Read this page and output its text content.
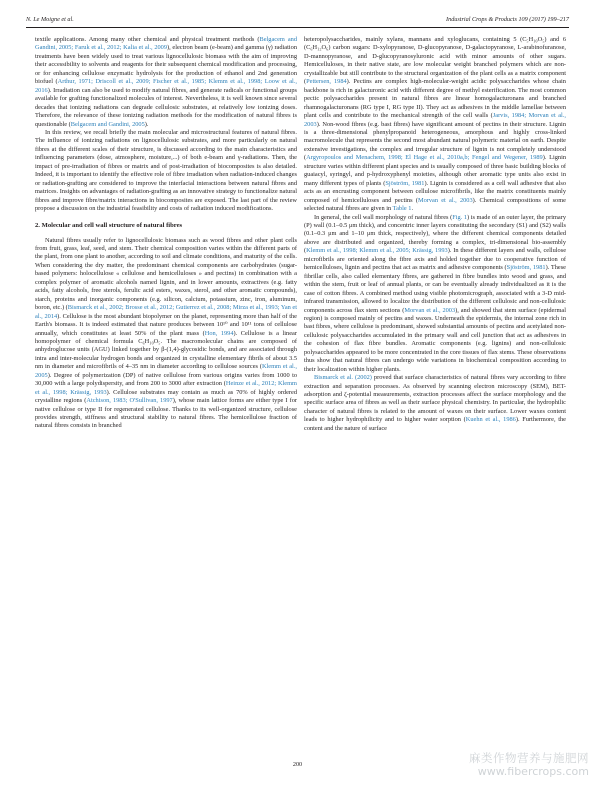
N. Le Moigne et al.	Industrial Crops & Products 109 (2017) 199–217

textile applications. Among many other chemical and physical treatment methods (Belgacem and Gandini, 2005; Faruk et al., 2012; Kalia et al., 2009), electron beam (e-beam) and gamma (γ) radiation treatments have been widely used to treat various lignocellulosic biomass with the aim of improving their accessibility to solvents and reagents for their subsequent chemical modification and processing, or for enhancing cellulose enzymatic hydrolysis for the production of ethanol and 2nd generation biofuel (Arthur, 1971; Driscoll et al., 2009; Fischer et al., 1985; Klemm et al., 1998; Loow et al., 2016). Irradiation can also be used to modify natural fibres, and generate radicals or functional groups available for grafting functionalized molecules of interest. Nevertheless, it is well known since several decades that ionizing radiations can degrade cellulosic substrates, at relatively low ionizing doses. Therefore, the relevance of these ionizing radiation methods for the modification of natural fibres is questionable (Belgacem and Gandini, 2005).

In this review, we recall briefly the main molecular and microstructural features of natural fibres. The influence of ionizing radiations on lignocellulosic substrates, and more particularly on natural fibres at the different scales of their structure, is discussed according to the main characteristics and influencing parameters (dose, atmosphere, moisture,...) of both e-beam and γ-radiations. Then, the impact of pre-irradiation of fibres or matrix and of post-irradiation of biocomposites is also detailed. Indeed, it is important to identify the effective role of fibre irradiation when radiation-induced changes or radiation-grafting are considered to improve the interfacial interactions between natural fibres and matrices. Insights on advantages of radiation-grafting as an innovative strategy to functionalize natural fibres and improve fibre/matrix interactions in biocomposites are exposed. The last part of the review propose a discussion on the industrial feasibility and costs of radiation induced modifications.

2. Molecular and cell wall structure of natural fibres

Natural fibres usually refer to lignocellulosic biomass such as wood fibres and other plant cells from fruit, grass, leaf, seed, and stem. Their chemical composition varies within the different parts of the plant, from one plant to another, according to soil and climate conditions, and maturity of the cells. When considering the dry matter, the predominant chemical components are carbohydrates (sugar-based polymers: holocellulose « cellulose and hemicelluloses » and pectins) in combination with a complex polymer of aromatic alcohols named lignin, and in lower amounts, extractives (e.g. fatty acids, fatty alcohols, free sterols, ferulic acid esters, waxes, sterol, and other aromatic compounds), starch, proteins and inorganic components (e.g. silicon, calcium, potassium, zinc, iron, aluminum, boron, etc.) (Bismarck et al., 2002; Brosse et al., 2012; Gutierrez et al., 2008; Mirza et al., 1993; Yan et al., 2014). Cellulose is the most abundant biopolymer on the planet, representing more than half of the Earth's biomass. It is indeed estimated that nature produces between 10¹⁰ and 10¹¹ tons of cellulose annually, which constitutes at least 50% of the plant mass (Hon, 1994). Cellulose is a linear homopolymer of chemical formula C₆H₁₀O₅. The macromolecular chains are composed of anhydroglucose units (AGU) linked together by β-(1,4)-glycosidic bonds, and are associated through intra and inter-molecular hydrogen bonds and organized in crystalline elementary fibrils of about 3.5 nm in diameter and microfibrils of 4–35 nm in diameter according to cellulose sources (Klemm et al., 2005). Degree of polymerization (DP) of native cellulose from various origins varies from 1000 to 30,000 with a large polydispersity, and from 200 to 3000 after extraction (Heinze et al., 2012; Klemm et al., 1998; Krässig, 1993). Cellulose substrates may contain as much as 70% of highly ordered crystalline regions (Atchison, 1983; O'Sullivan, 1997), whose main lattice forms are either type I for native cellulose or type II for regenerated cellulose. Thanks to its well-organized structure, cellulose provides strength, stiffness and structural stability to natural fibres. The hemicellulose fraction of natural fibres consists in branched

heteropolysaccharides, mainly xylans, mannans and xyloglucans, containing 5 (C₅H₁₀O₅) and 6 (C₆H₁₂O₆) carbon sugars: D-xylopyranose, D-glucopyranose, D-galactopyranose, L-arabinofuranose, D-mannopyranose, and D-glucopyranosyluronic acid with minor amounts of other sugars. Hemicelluloses, in their native state, are low molecular weight branched polymers which are non-crystallizable but still contribute to the structural organization of the plant cells as a matrix component (Pettersen, 1984). Pectins are complex high-molecular-weight acidic polysaccharides whose chain backbone is rich in galacturonic acid with different degree of methyl esterification. The most common pectic polysaccharides present in natural fibres are linear homogalacturonans and branched rhamnogalacturonans (RG type I, RG type II). They act as adhesives in the middle lamellae between plant cells and contribute to the mechanical strength of the cell walls (Jarvis, 1984; Morvan et al., 2003). Non-wood fibres (e.g. bast fibres) have significant amount of pectins in their structure. Lignin is a three-dimensional phenylpropanoid heterogeneous, amorphous and highly cross-linked macromolecule that represents the second most abundant natural polymeric material on earth. Despite extensive investigations, the complex and irregular structure of lignin is not completely understood (Argyropoulos and Menachem, 1998; El Hage et al., 2010a,b; Fengel and Wegener, 1989). Lignin structure varies within different plant species and is usually composed of three basic building blocks of guaiacyl, syringyl, and p-hydroxyphenyl moieties, although other aromatic type units also exist in many different types of plants (Sjöström, 1981). Lignin is considered as a cell wall adhesive that also acts as an encrusting component between cellulose microfibrils, like the matrix constituents mainly composed of hemicelluloses and pectins (Morvan et al., 2003). Chemical compositions of some selected natural fibres are given in Table 1.

In general, the cell wall morphology of natural fibres (Fig. 1) is made of an outer layer, the primary (P) wall (0.1–0.5 μm thick), and concentric inner layers constituting the secondary (S1) and (S2) walls (0.1–0.3 μm and 1–10 μm thick, respectively), where the different chemical components detailed above are distributed and organized, thereby forming a complex, tri-dimensional bio-assembly (Klemm et al., 1998; Klemm et al., 2005; Krässig, 1993). In these different layers and walls, cellulose microfibrils are oriented along the fibre axis and holded together due to cooperative function of hemicelluloses, lignin and pectins that act as matrix and adhesive components (Sjöström, 1981). These fibrillar cells, also called elementary fibres, are gathered in fibre bundles into wood and grass, and within the stem, fruit or leaf of annual plants, or can be eventually already individualized as it is the case of cotton fibres. A combined method using visible photomicrograph, associated with a 3-D mid-infrared transmission, allowed to localize the distribution of the different cellulosic and non-cellulosic components across flax stem sections (Morvan et al., 2003), and showed that stem surface (epidermal region) is composed mainly of pectins and waxes. Underneath the epidermis, the internal zone rich in bast fibres, where cellulose is predominant, showed substantial amounts of pectins and acetylated non-cellulosic polysaccharides accumulated in the primary wall and cell junction that act as adhesives in the cohesion of flax fibre bundles. Aromatic components (e.g. lignins) and non-cellulosic polysaccharides appeared to be more concentrated in the core tissues of flax stems. These observations thus show that natural fibres can undergo wide variations in biochemical composition according to their localization within higher plants.

Bismarck et al. (2002) proved that surface characteristics of natural fibres vary according to fibre extraction and separation processes. As observed by scanning electron microscopy (SEM), BET-adsorption and ζ-potential measurements, extraction processes affect the surface morphology and the specific surface area of fibres as well as their surface physical chemistry. In particular, the hydrophilic character of natural fibres is related to the amount of waxes on their surface. Lower waxes content leads to higher hydrophilicity and to higher water sorption (Kuehn et al., 1986). Furthermore, the content and the nature of surface

200	麻类作物营养与施肥网
www.fibercrops.com
